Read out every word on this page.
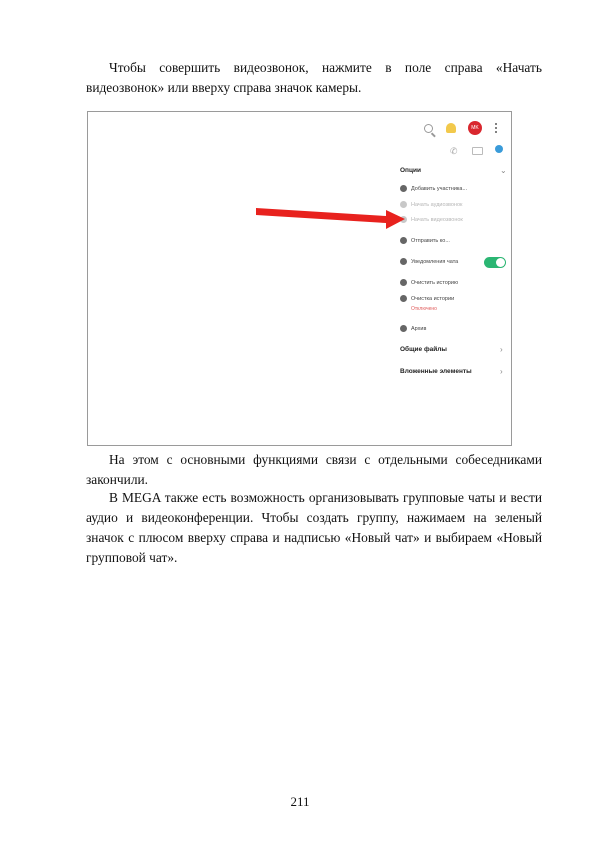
Чтобы совершить видеозвонок, нажмите в поле справа «Начать
видеозвонок» или вверху справа значок камеры.
MK
✆
Опции	⌄
Добавить участника...
Начать аудиозвонок
Начать видеозвонок
Отправить ко...
Уведомления чата
Очистить историю
Очистка истории
Отключено
Архив
Общие файлы	›
Вложенные элементы	›
На этом с основными функциями связи с отдельными собеседниками
закончили.

В MEGA также есть возможность организовывать групповые чаты и вести аудио и видеоконференции. Чтобы создать группу, нажимаем на зеленый значок с плюсом вверху справа и надписью «Новый чат» и выбираем «Новый групповой чат».

211
